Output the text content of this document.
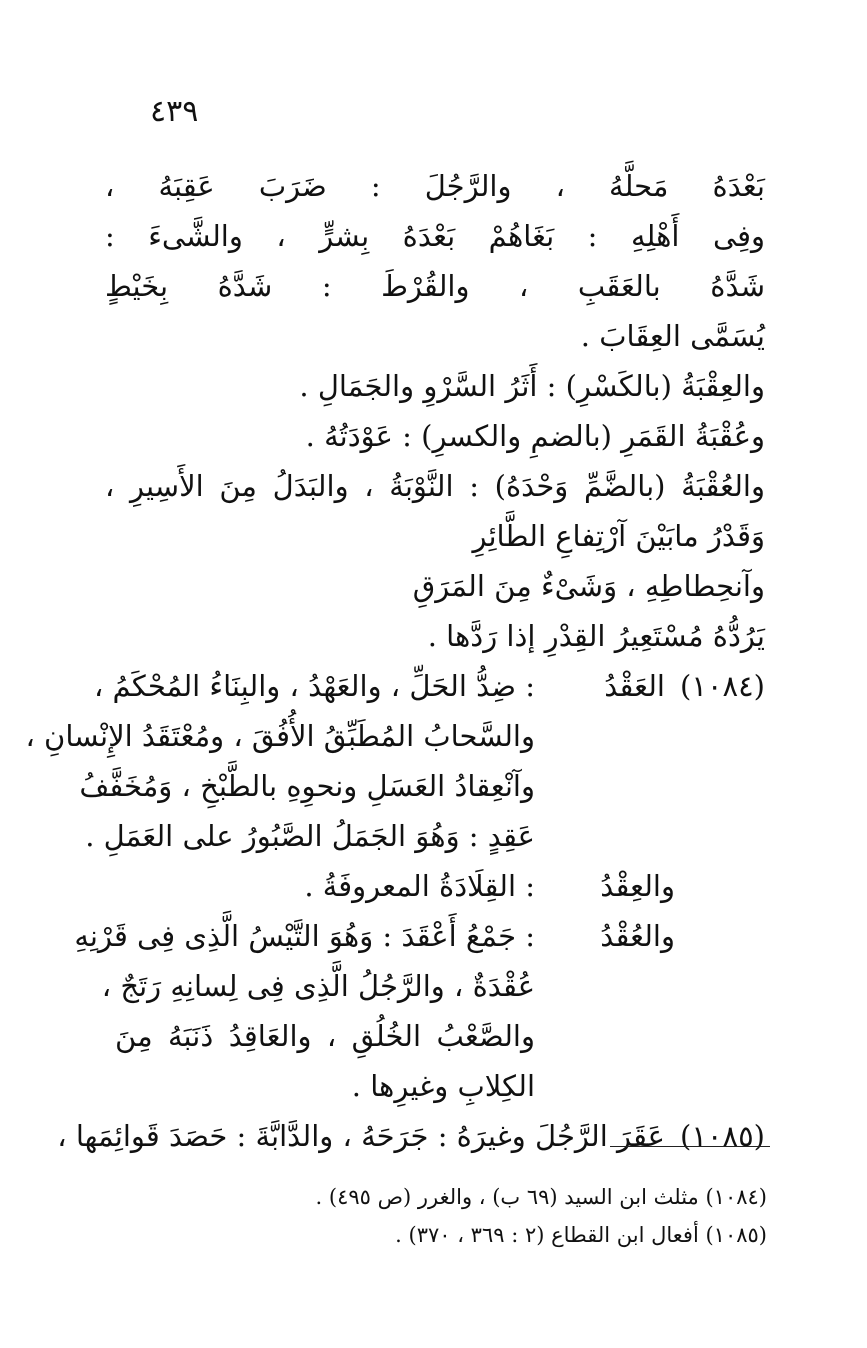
٤٣٩
بَعْدَهُ مَحلَّهُ ، والرَّجُلَ : ضَرَبَ عَقِبَهُ ،
وفِى أَهْلِهِ : بَغَاهُمْ بَعْدَهُ بِشرٍّ ، والشَّىءَ :
شَدَّهُ بالعَقَبِ ، والقُرْطَ : شَدَّهُ بِخَيْطٍ
يُسَمَّى العِقَابَ .
والعِقْبَةُ (بالكَسْرِ) : أَثَرُ السَّرْوِ والجَمَالِ .
وعُقْبَةُ القَمَرِ (بالضمِ والكسرِ) : عَوْدَتُهُ .
والعُقْبَةُ (بالضَّمِّ وَحْدَهُ) : النَّوْبَةُ ، والبَدَلُ مِنَ الأَسِيرِ ،
وَقَدْرُ مابَيْنَ آرْتِفاعِ الطَّائِرِ
وآنحِطاطِهِ ، وَشَىْءٌ مِنَ المَرَقِ
يَرُدُّهُ مُسْتَعِيرُ القِدْرِ إذا رَدَّها .
(١٠٨٤)
العَقْدُ
: ضِدُّ الحَلِّ ، والعَهْدُ ، والبِنَاءُ المُحْكَمُ ،
والسَّحابُ المُطَبِّقُ الأُفُقَ ، ومُعْتَقَدُ الإِنْسانِ ،
وآنْعِقادُ العَسَلِ ونحوِهِ بالطَّبْخِ ، وَمُخَفَّفُ
عَقِدٍ : وَهُوَ الجَمَلُ الصَّبُورُ على العَمَلِ .
والعِقْدُ
: القِلَادَةُ المعروفَةُ .
والعُقْدُ
: جَمْعُ أَعْقَدَ : وَهُوَ التَّيْسُ الَّذِى فِى قَرْنِهِ
عُقْدَةٌ ، والرَّجُلُ الَّذِى فِى لِسانِهِ رَتَجٌ ،
والصَّعْبُ الخُلُقِ ، والعَاقِدُ ذَنَبَهُ مِنَ
الكِلابِ وغيرِها .
(١٠٨٥)
عَقَرَ الرَّجُلَ وغيرَهُ : جَرَحَهُ ، والدَّابَّةَ : حَصَدَ قَوائِمَها ،
(١٠٨٤) مثلث ابن السيد (٦٩ ب) ، والغرر (ص ٤٩٥) .
(١٠٨٥) أفعال ابن القطاع (٢ : ٣٦٩ ، ٣٧٠) .
